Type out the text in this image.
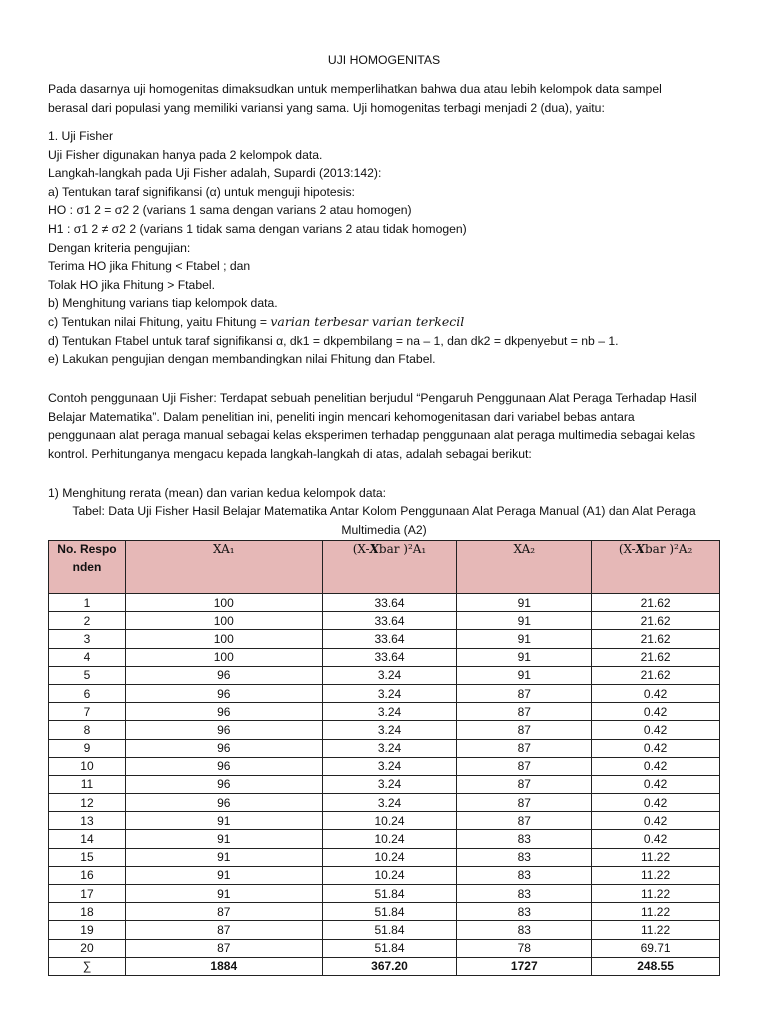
UJI HOMOGENITAS
Pada dasarnya uji homogenitas dimaksudkan untuk memperlihatkan bahwa dua atau lebih kelompok data sampel
berasal dari populasi yang memiliki variansi yang sama. Uji homogenitas terbagi menjadi 2 (dua), yaitu:
1. Uji Fisher
Uji Fisher digunakan hanya pada 2 kelompok data.
Langkah-langkah pada Uji Fisher adalah, Supardi (2013:142):
a) Tentukan taraf signifikansi (α) untuk menguji hipotesis:
HO : σ1 2 = σ2 2 (varians 1 sama dengan varians 2 atau homogen)
H1 : σ1 2 ≠ σ2 2 (varians 1 tidak sama dengan varians 2 atau tidak homogen)
Dengan kriteria pengujian:
Terima HO jika Fhitung < Ftabel ; dan
Tolak HO jika Fhitung > Ftabel.
b) Menghitung varians tiap kelompok data.
c) Tentukan nilai Fhitung, yaitu Fhitung = varian terbesar varian terkecil
d) Tentukan Ftabel untuk taraf signifikansi α, dk1 = dkpembilang = na – 1, dan dk2 = dkpenyebut = nb – 1.
e) Lakukan pengujian dengan membandingkan nilai Fhitung dan Ftabel.
Contoh penggunaan Uji Fisher: Terdapat sebuah penelitian berjudul “Pengaruh Penggunaan Alat Peraga Terhadap Hasil
Belajar Matematika”. Dalam penelitian ini, peneliti ingin mencari kehomogenitasan dari variabel bebas antara
penggunaan alat peraga manual sebagai kelas eksperimen terhadap penggunaan alat peraga multimedia sebagai kelas
kontrol. Perhitunganya mengacu kepada langkah-langkah di atas, adalah sebagai berikut:
1) Menghitung rerata (mean) dan varian kedua kelompok data:
Tabel: Data Uji Fisher Hasil Belajar Matematika Antar Kolom Penggunaan Alat Peraga Manual (A1) dan Alat Peraga
Multimedia (A2)
No. Responden	XA₁	(X-Xbar )²A₁	XA₂	(X-Xbar )²A₂
1	100	33.64	91	21.62
2	100	33.64	91	21.62
3	100	33.64	91	21.62
4	100	33.64	91	21.62
5	96	3.24	91	21.62
6	96	3.24	87	0.42
7	96	3.24	87	0.42
8	96	3.24	87	0.42
9	96	3.24	87	0.42
10	96	3.24	87	0.42
11	96	3.24	87	0.42
12	96	3.24	87	0.42
13	91	10.24	87	0.42
14	91	10.24	83	0.42
15	91	10.24	83	11.22
16	91	10.24	83	11.22
17	91	51.84	83	11.22
18	87	51.84	83	11.22
19	87	51.84	83	11.22
20	87	51.84	78	69.71
∑	1884	367.20	1727	248.55
